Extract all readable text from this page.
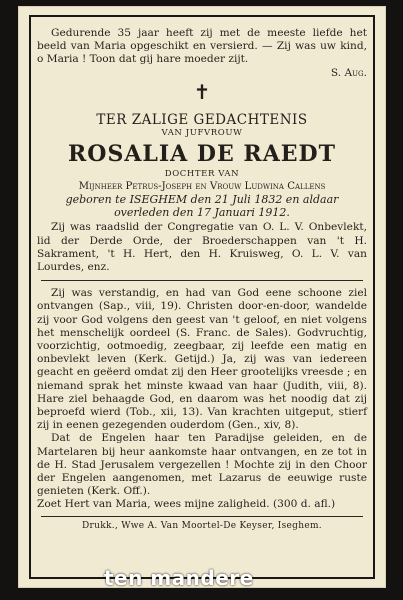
Gedurende 35 jaar heeft zij met de meeste liefde het beeld van Maria opgeschikt en versierd. — Zij was uw kind, o Maria ! Toon dat gij hare moeder zijt.

S. Aug.
✝
TER ZALIGE GEDACHTENIS
VAN JUFVROUW
ROSALIA DE RAEDT
DOCHTER VAN
Mijnheer Petrus-Joseph en Vrouw Ludwina Callens
geboren te ISEGHEM den 21 Juli 1832 en aldaar overleden den 17 Januari 1912.

Zij was raadslid der Congregatie van O. L. V. Onbevlekt, lid der Derde Orde, der Broederschappen van 't H. Sakrament, 't H. Hert, den H. Kruisweg, O. L. V. van Lourdes, enz.

Zij was verstandig, en had van God eene schoone ziel ontvangen (Sap., viii, 19). Christen door-en-door, wandelde zij voor God volgens den geest van 't geloof, en niet volgens het menschelijk oordeel (S. Franc. de Sales). Godvruchtig, voorzichtig, ootmoedig, zeegbaar, zij leefde een matig en onbevlekt leven (Kerk. Getijd.) Ja, zij was van iedereen geacht en geëerd omdat zij den Heer grootelijks vreesde ; en niemand sprak het minste kwaad van haar (Judith, viii, 8). Hare ziel behaagde God, en daarom was het noodig dat zij beproefd wierd (Tob., xii, 13). Van krachten uitgeput, stierf zij in eenen gezegenden ouderdom (Gen., xiv, 8).

Dat de Engelen haar ten Paradijse geleiden, en de Martelaren bij heur aankomste haar ontvangen, en ze tot in de H. Stad Jerusalem vergezellen ! Mochte zij in den Choor der Engelen aangenomen, met Lazarus de eeuwige ruste genieten (Kerk. Off.).

Zoet Hert van Maria, wees mijne zaligheid. (300 d. afl.)

Drukk., Wwe A. Van Moortel-De Keyser, Iseghem.
ten mandere
